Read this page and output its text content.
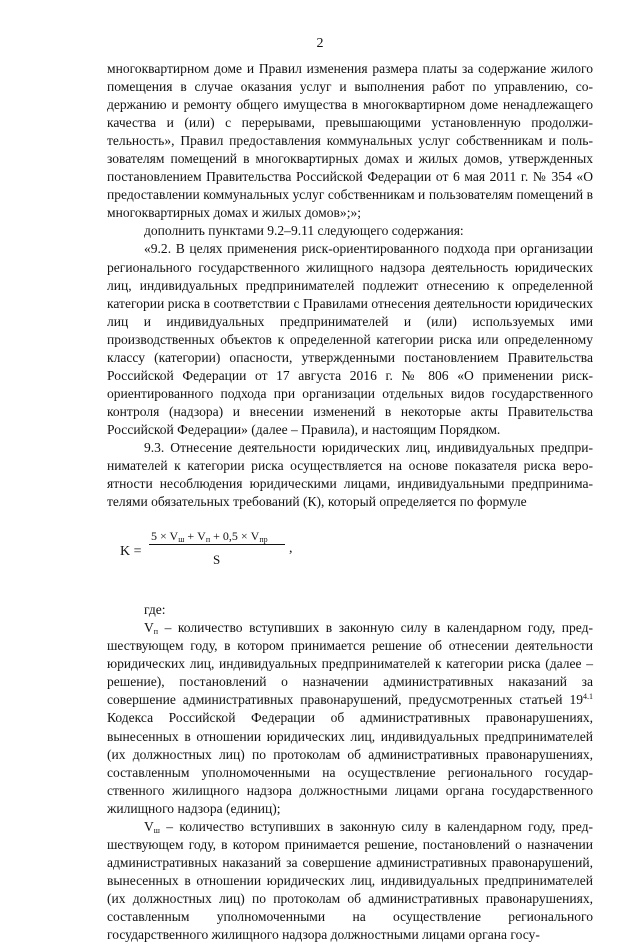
2

многоквартирном доме и Правил изменения размера платы за содержание жилого помещения в случае оказания услуг и выполнения работ по управлению, содержанию и ремонту общего имущества в многоквартирном доме ненадлежащего качества и (или) с перерывами, превышающими установленную продолжительность», Правил предоставления коммунальных услуг собственникам и пользователям помещений в многоквартирных домах и жилых домов, утвержденных постановлением Правительства Российской Федерации от 6 мая 2011 г. № 354 «О предоставлении коммунальных услуг собственникам и пользователям помещений в многоквартирных домах и жилых домов»;»;

дополнить пунктами 9.2–9.11 следующего содержания:

«9.2. В целях применения риск-ориентированного подхода при организации регионального государственного жилищного надзора деятельность юридических лиц, индивидуальных предпринимателей подлежит отнесению к определенной категории риска в соответствии с Правилами отнесения деятельности юридических лиц и индивидуальных предпринимателей и (или) используемых ими производственных объектов к определенной категории риска или определенному классу (категории) опасности, утвержденными постановлением Правительства Российской Федерации от 17 августа 2016 г. № 806 «О применении риск-ориентированного подхода при организации отдельных видов государственного контроля (надзора) и внесении изменений в некоторые акты Правительства Российской Федерации» (далее – Правила), и настоящим Порядком.

9.3. Отнесение деятельности юридических лиц, индивидуальных предпринимателей к категории риска осуществляется на основе показателя риска вероятности несоблюдения юридическими лицами, индивидуальными предпринимателями обязательных требований (К), который определяется по формуле

K =
$5 \times V_ш + V_п + 0,5 \times V_{пр}$
S
,

где:

$V_п$ – количество вступивших в законную силу в календарном году, предшествующем году, в котором принимается решение об отнесении деятельности юридических лиц, индивидуальных предпринимателей к категории риска (далее – решение), постановлений о назначении административных наказаний за совершение административных правонарушений, предусмотренных статьей $19^{4.1}$ Кодекса Российской Федерации об административных правонарушениях, вынесенных в отношении юридических лиц, индивидуальных предпринимателей (их должностных лиц) по протоколам об административных правонарушениях, составленным уполномоченными на осуществление регионального государственного жилищного надзора должностными лицами органа государственного жилищного надзора (единиц);

$V_ш$ – количество вступивших в законную силу в календарном году, предшествующем году, в котором принимается решение, постановлений о назначении административных наказаний за совершение административных правонарушений, вынесенных в отношении юридических лиц, индивидуальных предпринимателей (их должностных лиц) по протоколам об административных правонарушениях, составленным уполномоченными на осуществление регионального государственного жилищного надзора должностными лицами органа госу-
